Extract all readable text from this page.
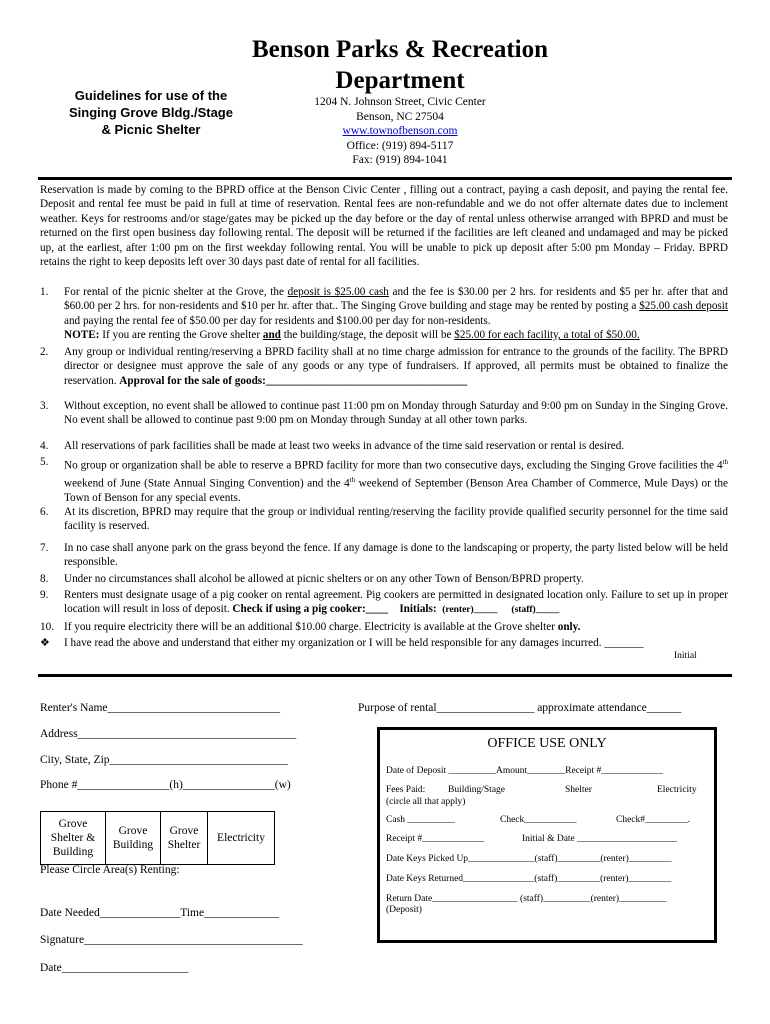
Benson Parks & Recreation
Department
Guidelines for use of the
Singing Grove Bldg./Stage
& Picnic Shelter
1204 N. Johnson Street, Civic Center
Benson, NC 27504
www.townofbenson.com
Office: (919) 894-5117
Fax: (919) 894-1041
Reservation is made by coming to the BPRD office at the Benson Civic Center , filling out a contract, paying a cash deposit, and paying the rental fee. Deposit and rental fee must be paid in full at time of reservation. Rental fees are non-refundable and we do not offer alternate dates due to inclement weather. Keys for restrooms and/or stage/gates may be picked up the day before or the day of rental unless otherwise arranged with BPRD and must be returned on the first open business day following rental. The deposit will be returned if the facilities are left cleaned and undamaged and may be picked up, at the earliest, after 1:00 pm on the first weekday following rental. You will be unable to pick up deposit after 5:00 pm Monday – Friday. BPRD retains the right to keep deposits left over 30 days past date of rental for all facilities.
1.	For rental of the picnic shelter at the Grove, the deposit is $25.00 cash and the fee is $30.00 per 2 hrs. for residents and $5 per hr. after that and $60.00 per 2 hrs. for non-residents and $10 per hr. after that.. The Singing Grove building and stage may be rented by posting a $25.00 cash deposit and paying the rental fee of $50.00 per day for residents and $100.00 per day for non-residents.
NOTE: If you are renting the Grove shelter and the building/stage, the deposit will be $25.00 for each facility, a total of $50.00.
2.	Any group or individual renting/reserving a BPRD facility shall at no time charge admission for entrance to the grounds of the facility. The BPRD director or designee must approve the sale of any goods or any type of fundraisers. If approved, all permits must be obtained to finalize the reservation. Approval for the sale of goods:____________________________________
3.	Without exception, no event shall be allowed to continue past 11:00 pm on Monday through Saturday and 9:00 pm on Sunday in the Singing Grove. No event shall be allowed to continue past 9:00 pm on Monday through Sunday at all other town parks.
4.	All reservations of park facilities shall be made at least two weeks in advance of the time said reservation or rental is desired.
5.	No group or organization shall be able to reserve a BPRD facility for more than two consecutive days, excluding the Singing Grove facilities the 4th weekend of June (State Annual Singing Convention) and the 4th weekend of September (Benson Area Chamber of Commerce, Mule Days) or the Town of Benson for any special events.
6.	At its discretion, BPRD may require that the group or individual renting/reserving the facility provide qualified security personnel for the time said facility is reserved.
7.	In no case shall anyone park on the grass beyond the fence. If any damage is done to the landscaping or property, the party listed below will be held responsible.
8.	Under no circumstances shall alcohol be allowed at picnic shelters or on any other Town of Benson/BPRD property.
9.	Renters must designate usage of a pig cooker on rental agreement. Pig cookers are permitted in designated location only. Failure to set up in proper location will result in loss of deposit. Check if using a pig cooker:____ Initials: (renter)_____ (staff)_____
10. If you require electricity there will be an additional $10.00 charge. Electricity is available at the Grove shelter only.
❖	I have read the above and understand that either my organization or I will be held responsible for any damages incurred. _______
Initial
Renter's Name______________________________	Purpose of rental_________________ approximate attendance______
Address______________________________________
City, State, Zip_______________________________
Phone #________________(h)________________(w)
Grove Shelter & Building	Grove Building	Grove Shelter	Electricity
Please Circle Area(s) Renting:
Date Needed______________Time_____________
Signature______________________________________
Date______________________
OFFICE USE ONLY
Date of Deposit __________Amount________Receipt #_____________
Fees Paid: Building/Stage	Shelter	Electricity
(circle all that apply)
Cash __________	Check___________	Check#_________.
Receipt #_____________	Initial & Date _____________________
Date Keys Picked Up______________(staff)_________(renter)_________
Date Keys Returned_______________(staff)_________(renter)_________
Return Date__________________ (staff)__________(renter)__________
(Deposit)
